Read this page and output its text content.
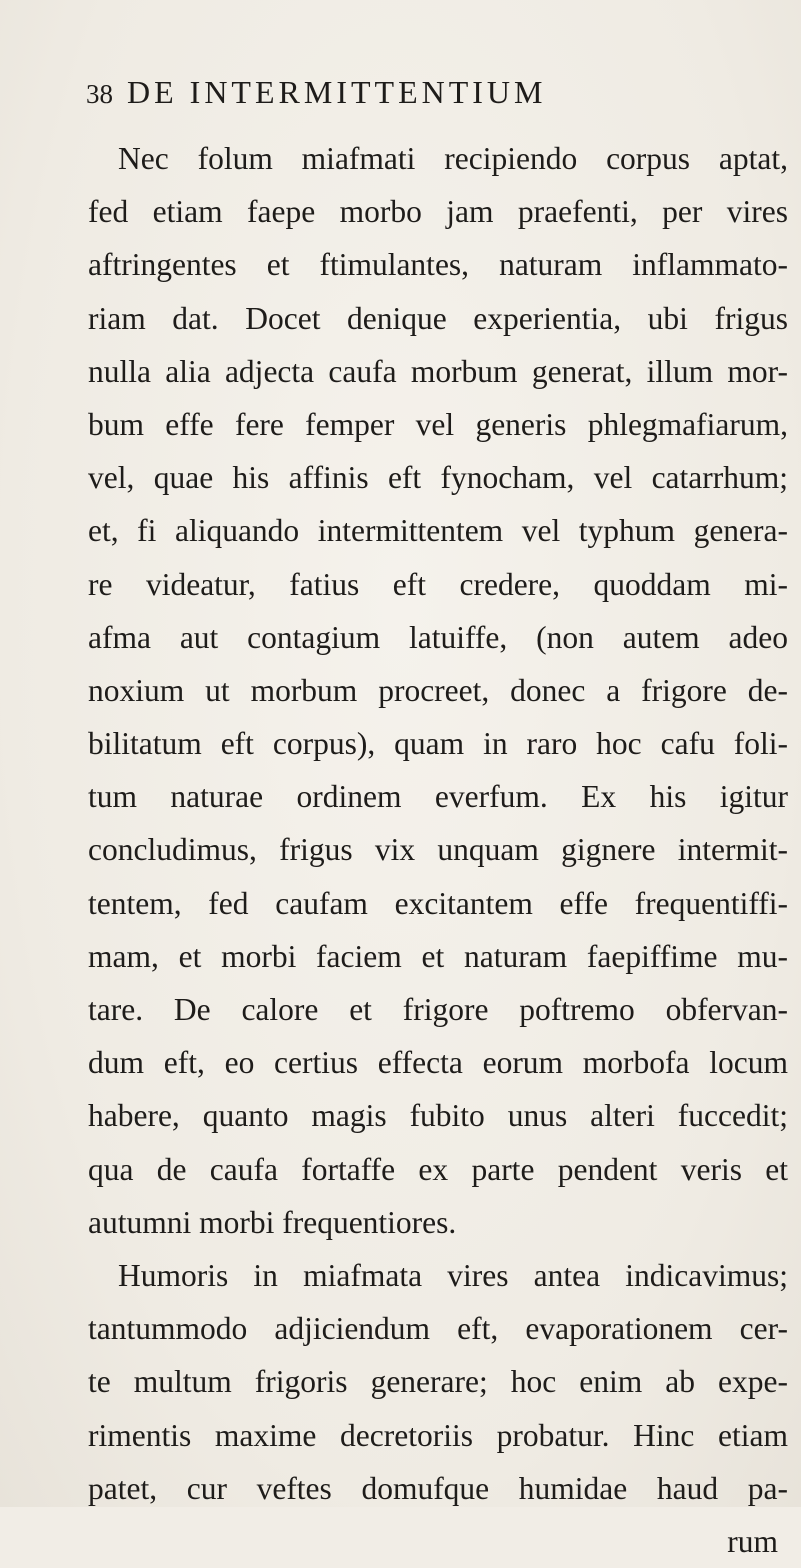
38 DE INTERMITTENTIUM
Nec folum miafmati recipiendo corpus aptat,
fed etiam faepe morbo jam praefenti, per vires
aftringentes et ftimulantes, naturam inflammato-
riam dat. Docet denique experientia, ubi frigus
nulla alia adjecta caufa morbum generat, illum mor-
bum effe fere femper vel generis phlegmafiarum,
vel, quae his affinis eft fynocham, vel catarrhum;
et, fi aliquando intermittentem vel typhum genera-
re videatur, fatius eft credere, quoddam mi-
afma aut contagium latuiffe, (non autem adeo
noxium ut morbum procreet, donec a frigore de-
bilitatum eft corpus), quam in raro hoc cafu foli-
tum naturae ordinem everfum. Ex his igitur
concludimus, frigus vix unquam gignere intermit-
tentem, fed caufam excitantem effe frequentiffi-
mam, et morbi faciem et naturam faepiffime mu-
tare. De calore et frigore poftremo obfervan-
dum eft, eo certius effecta eorum morbofa locum
habere, quanto magis fubito unus alteri fuccedit;
qua de caufa fortaffe ex parte pendent veris et
autumni morbi frequentiores.
Humoris in miafmata vires antea indicavimus;
tantummodo adjiciendum eft, evaporationem cer-
te multum frigoris generare; hoc enim ab expe-
rimentis maxime decretoriis probatur. Hinc etiam
patet, cur veftes domufque humidae haud pa-
rum
